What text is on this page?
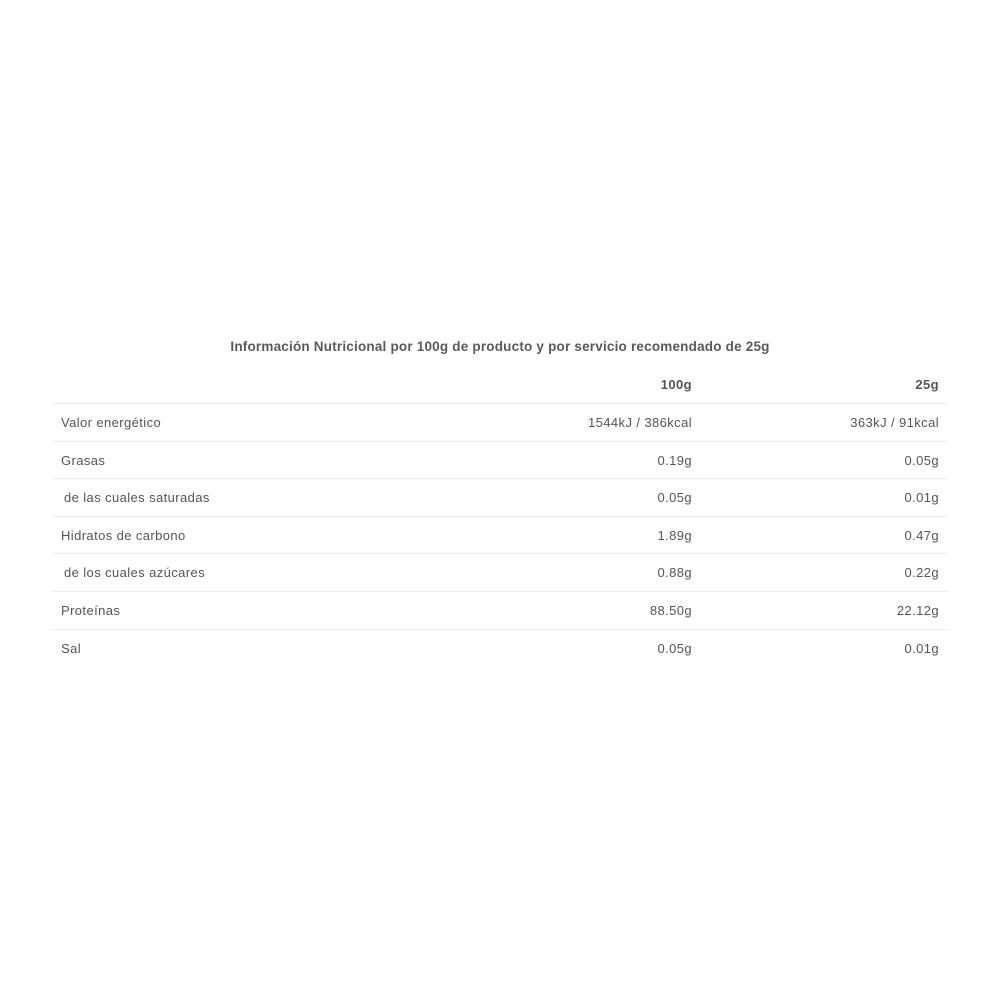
Información Nutricional por 100g de producto y por servicio recomendado de 25g
100g	25g
Valor energético	1544kJ / 386kcal	363kJ / 91kcal
Grasas	0.19g	0.05g
de las cuales saturadas	0.05g	0.01g
Hidratos de carbono	1.89g	0.47g
de los cuales azúcares	0.88g	0.22g
Proteínas	88.50g	22.12g
Sal	0.05g	0.01g
